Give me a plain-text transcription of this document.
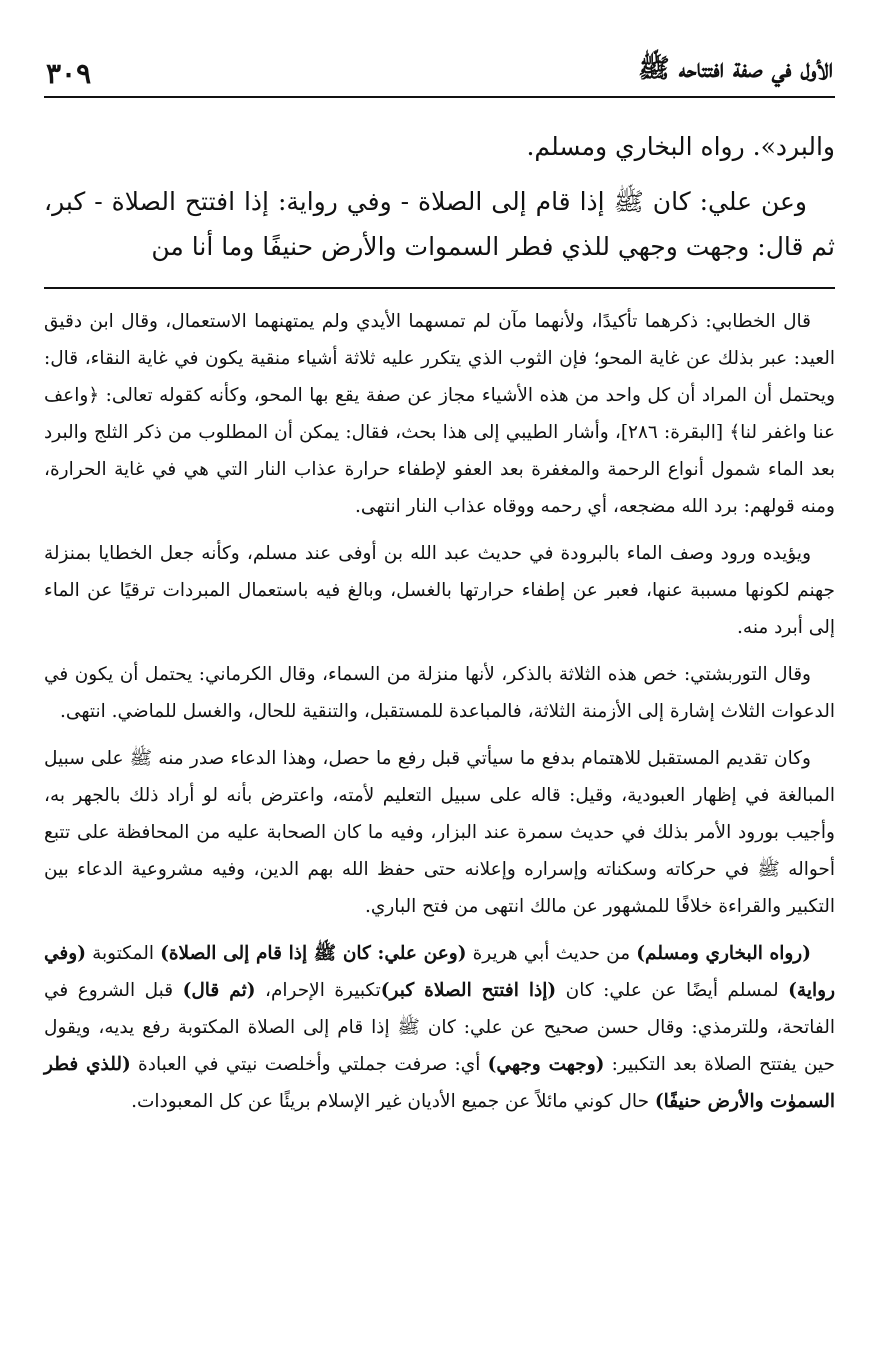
الأول في صفة افتتاحه ﷺ
٣٠٩

والبرد». رواه البخاري ومسلم.

وعن علي: كان ﷺ إذا قام إلى الصلاة - وفي رواية: إذا افتتح الصلاة - كبر، ثم قال: وجهت وجهي للذي فطر السموات والأرض حنيفًا وما أنا من

قال الخطابي: ذكرهما تأكيدًا، ولأنهما مآن لم تمسهما الأيدي ولم يمتهنهما الاستعمال، وقال ابن دقيق العيد: عبر بذلك عن غاية المحو؛ فإن الثوب الذي يتكرر عليه ثلاثة أشياء منقية يكون في غاية النقاء، قال: ويحتمل أن المراد أن كل واحد من هذه الأشياء مجاز عن صفة يقع بها المحو، وكأنه كقوله تعالى: ﴿واعف عنا واغفر لنا﴾ [البقرة: ٢٨٦]، وأشار الطيبي إلى هذا بحث، فقال: يمكن أن المطلوب من ذكر الثلج والبرد بعد الماء شمول أنواع الرحمة والمغفرة بعد العفو لإطفاء حرارة عذاب النار التي هي في غاية الحرارة، ومنه قولهم: برد الله مضجعه، أي رحمه ووقاه عذاب النار انتهى.

ويؤيده ورود وصف الماء بالبرودة في حديث عبد الله بن أوفى عند مسلم، وكأنه جعل الخطايا بمنزلة جهنم لكونها مسببة عنها، فعبر عن إطفاء حرارتها بالغسل، وبالغ فيه باستعمال المبردات ترقيًا عن الماء إلى أبرد منه.

وقال التوربشتي: خص هذه الثلاثة بالذكر، لأنها منزلة من السماء، وقال الكرماني: يحتمل أن يكون في الدعوات الثلاث إشارة إلى الأزمنة الثلاثة، فالمباعدة للمستقبل، والتنقية للحال، والغسل للماضي. انتهى.

وكان تقديم المستقبل للاهتمام بدفع ما سيأتي قبل رفع ما حصل، وهذا الدعاء صدر منه ﷺ على سبيل المبالغة في إظهار العبودية، وقيل: قاله على سبيل التعليم لأمته، واعترض بأنه لو أراد ذلك بالجهر به، وأجيب بورود الأمر بذلك في حديث سمرة عند البزار، وفيه ما كان الصحابة عليه من المحافظة على تتبع أحواله ﷺ في حركاته وسكناته وإسراره وإعلانه حتى حفظ الله بهم الدين، وفيه مشروعية الدعاء بين التكبير والقراءة خلافًا للمشهور عن مالك انتهى من فتح الباري.

(رواه البخاري ومسلم) من حديث أبي هريرة (وعن علي: كان ﷺ إذا قام إلى الصلاة) المكتوبة (وفي رواية) لمسلم أيضًا عن علي: كان (إذا افتتح الصلاة كبر)تكبيرة الإحرام، (ثم قال) قبل الشروع في الفاتحة، وللترمذي: وقال حسن صحيح عن علي: كان ﷺ إذا قام إلى الصلاة المكتوبة رفع يديه، ويقول حين يفتتح الصلاة بعد التكبير: (وجهت وجهي) أي: صرفت جملتي وأخلصت نيتي في العبادة (للذي فطر السموٰت والأرض حنيفًا) حال كوني مائلاً عن جميع الأديان غير الإسلام بريئًا عن كل المعبودات.
